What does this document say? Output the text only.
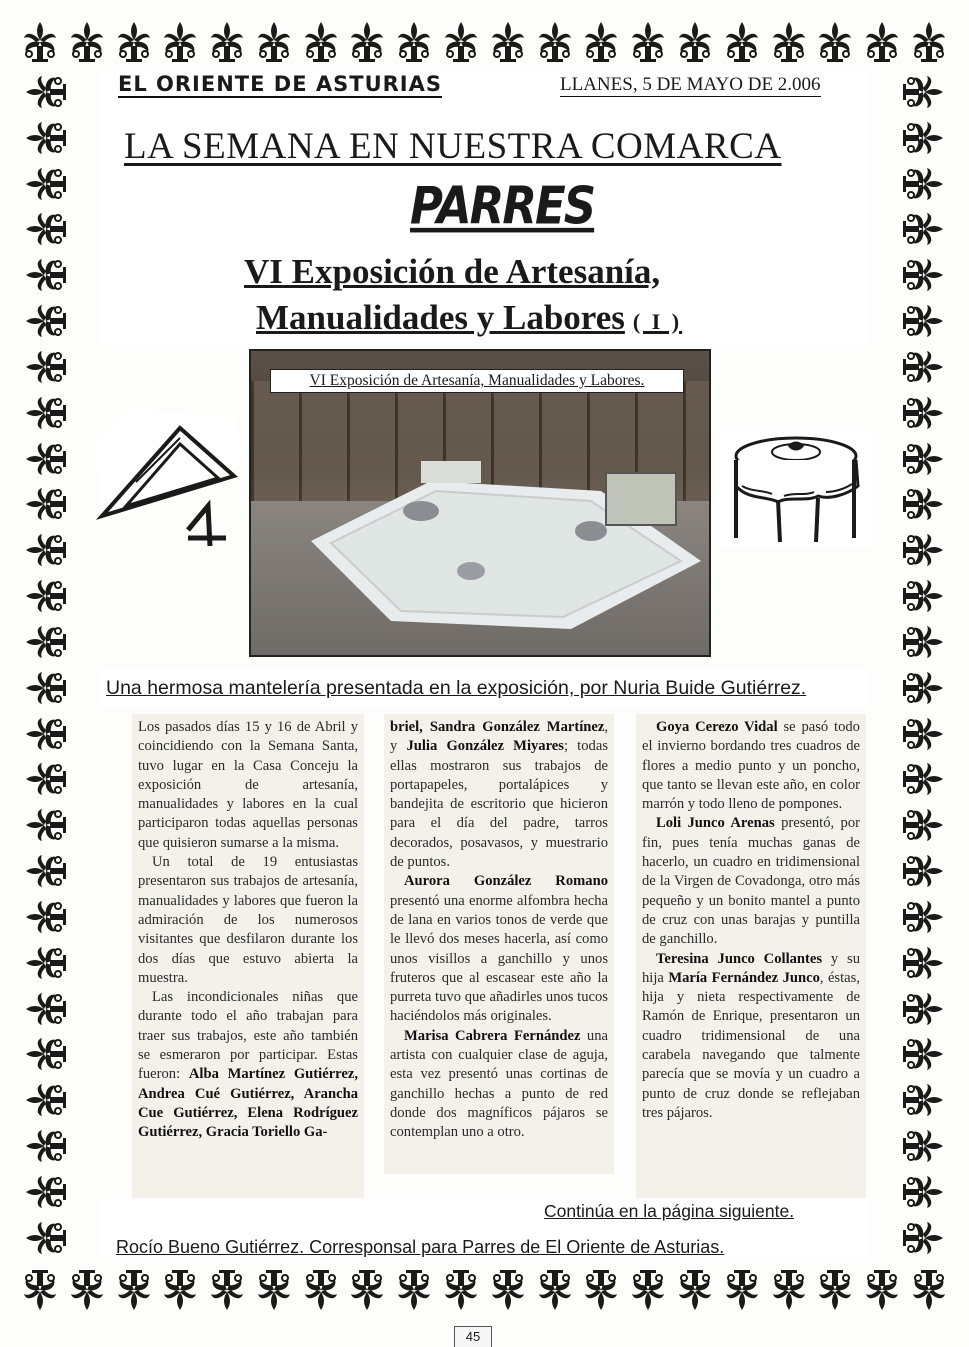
EL ORIENTE DE ASTURIAS	LLANES, 5 DE MAYO DE 2.006
LA SEMANA EN NUESTRA COMARCA
PARRES
VI Exposición de Artesanía,
Manualidades y Labores ( I )
VI Exposición de Artesanía, Manualidades y Labores.
Una hermosa mantelería presentada en la exposición, por Nuria Buide Gutiérrez.

Los pasados días 15 y 16 de Abril y coincidiendo con la Semana Santa, tuvo lugar en la Casa Conceju la exposición de artesanía, manualidades y labores en la cual participaron todas aquellas personas que quisieron sumarse a la misma.

Un total de 19 entusiastas presentaron sus trabajos de artesanía, manualidades y labores que fueron la admiración de los numerosos visitantes que desfilaron durante los dos días que estuvo abierta la muestra.

Las incondicionales niñas que durante todo el año trabajan para traer sus trabajos, este año también se esmeraron por participar. Estas fueron: Alba Martínez Gutiérrez, Andrea Cué Gutiérrez, Arancha Cue Gutiérrez, Elena Rodríguez Gutiérrez, Gracia Toriello Ga-

briel, Sandra González Martínez, y Julia González Miyares; todas ellas mostraron sus trabajos de portapapeles, portalápices y bandejita de escritorio que hicieron para el día del padre, tarros decorados, posavasos, y muestrario de puntos.

Aurora González Romano presentó una enorme alfombra hecha de lana en varios tonos de verde que le llevó dos meses hacerla, así como unos visillos a ganchillo y unos fruteros que al escasear este año la purreta tuvo que añadirles unos tucos haciéndolos más originales.

Marisa Cabrera Fernández una artista con cualquier clase de aguja, esta vez presentó unas cortinas de ganchillo hechas a punto de red donde dos magníficos pájaros se contemplan uno a otro.

Goya Cerezo Vidal se pasó todo el invierno bordando tres cuadros de flores a medio punto y un poncho, que tanto se llevan este año, en color marrón y todo lleno de pompones.

Loli Junco Arenas presentó, por fin, pues tenía muchas ganas de hacerlo, un cuadro en tridimensional de la Virgen de Covadonga, otro más pequeño y un bonito mantel a punto de cruz con unas barajas y puntilla de ganchillo.

Teresina Junco Collantes y su hija María Fernández Junco, éstas, hija y nieta respectivamente de Ramón de Enrique, presentaron un cuadro tridimensional de una carabela navegando que talmente parecía que se movía y un cuadro a punto de cruz donde se reflejaban tres pájaros.

Continúa en la página siguiente.
Rocío Bueno Gutiérrez. Corresponsal para Parres de El Oriente de Asturias.
45
